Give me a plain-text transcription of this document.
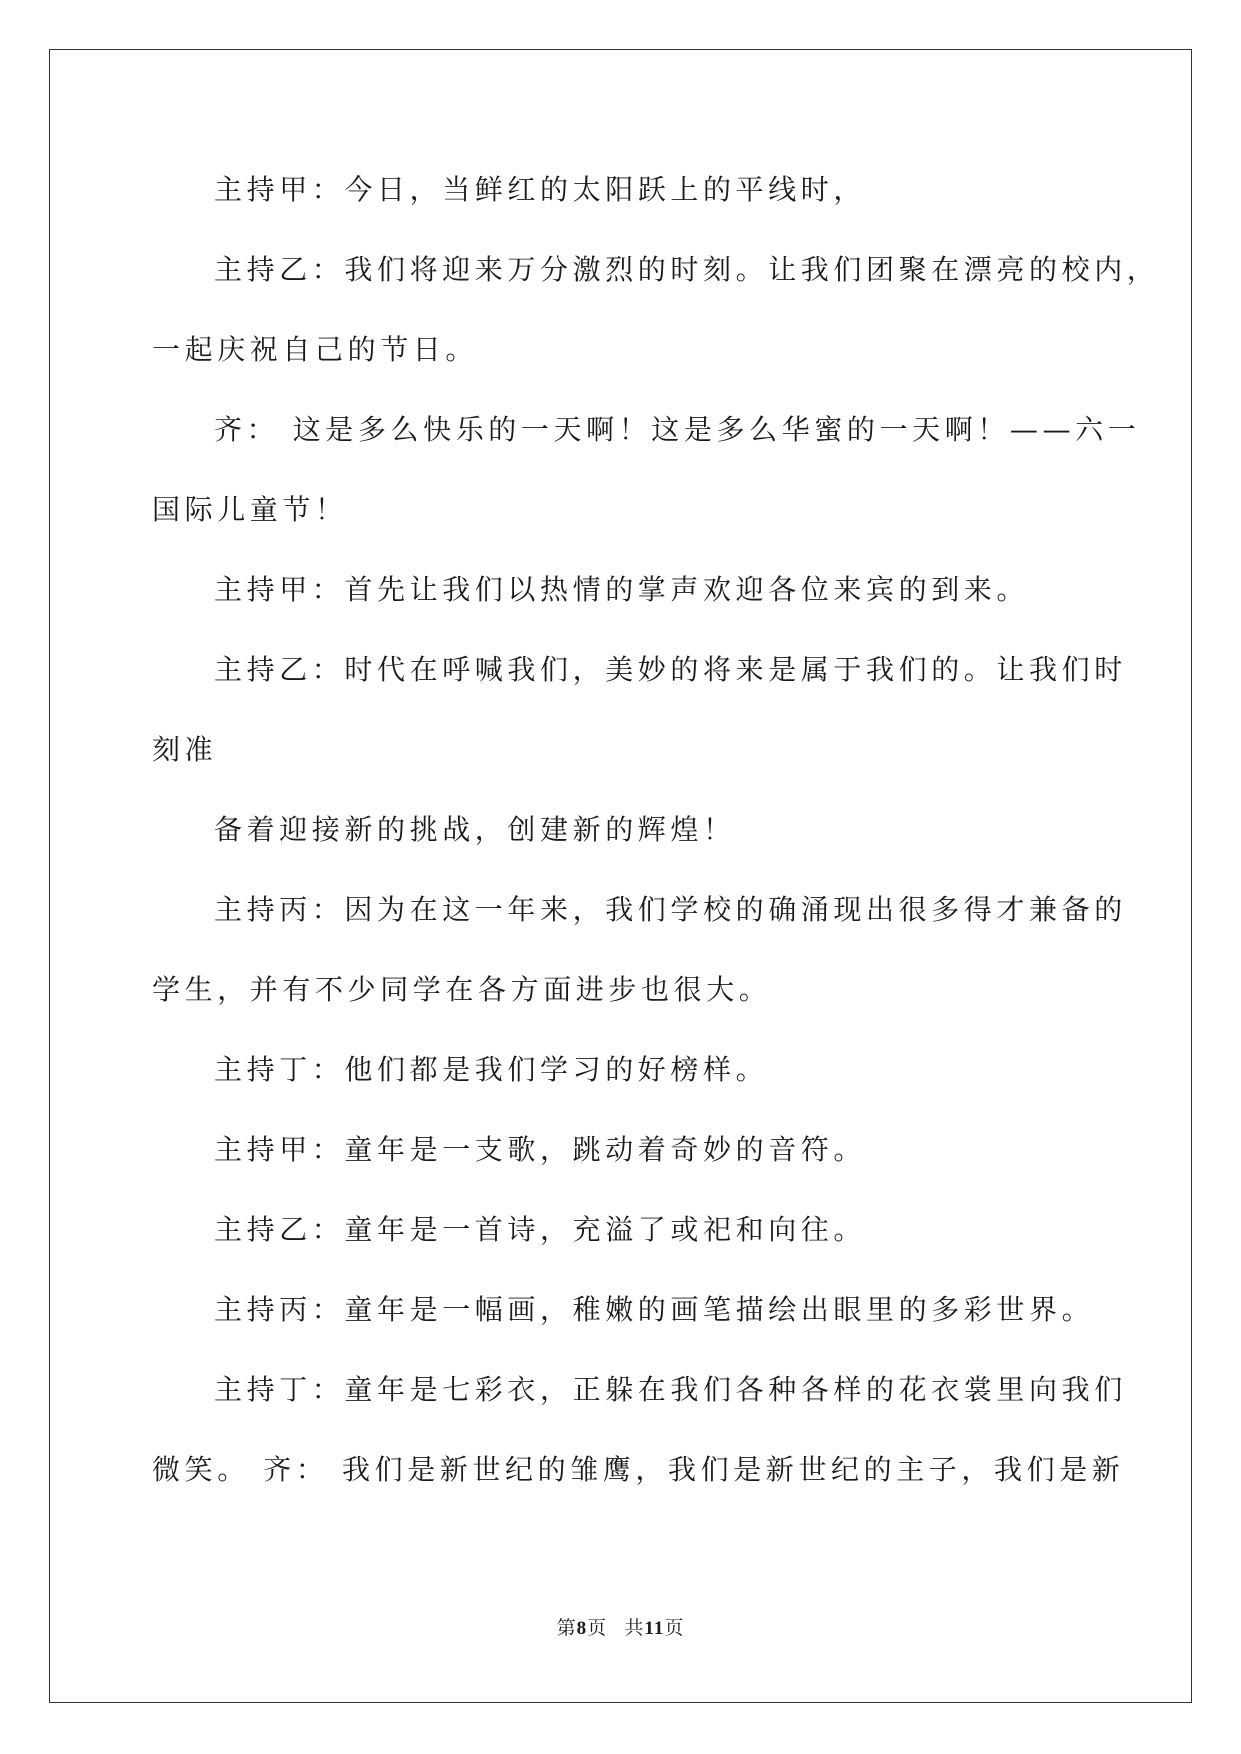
主持甲：今日，当鲜红的太阳跃上的平线时，
主持乙：我们将迎来万分激烈的时刻。让我们团聚在漂亮的校内，
一起庆祝自己的节日。
齐： 这是多么快乐的一天啊！这是多么华蜜的一天啊！——六一
国际儿童节！
主持甲：首先让我们以热情的掌声欢迎各位来宾的到来。
主持乙：时代在呼喊我们，美妙的将来是属于我们的。让我们时
刻准
备着迎接新的挑战，创建新的辉煌！
主持丙：因为在这一年来，我们学校的确涌现出很多得才兼备的
学生，并有不少同学在各方面进步也很大。
主持丁：他们都是我们学习的好榜样。
主持甲：童年是一支歌，跳动着奇妙的音符。
主持乙：童年是一首诗，充溢了或祀和向往。
主持丙：童年是一幅画，稚嫩的画笔描绘出眼里的多彩世界。
主持丁：童年是七彩衣，正躲在我们各种各样的花衣裳里向我们
微笑。 齐： 我们是新世纪的雏鹰，我们是新世纪的主子，我们是新
第8页   共11页
